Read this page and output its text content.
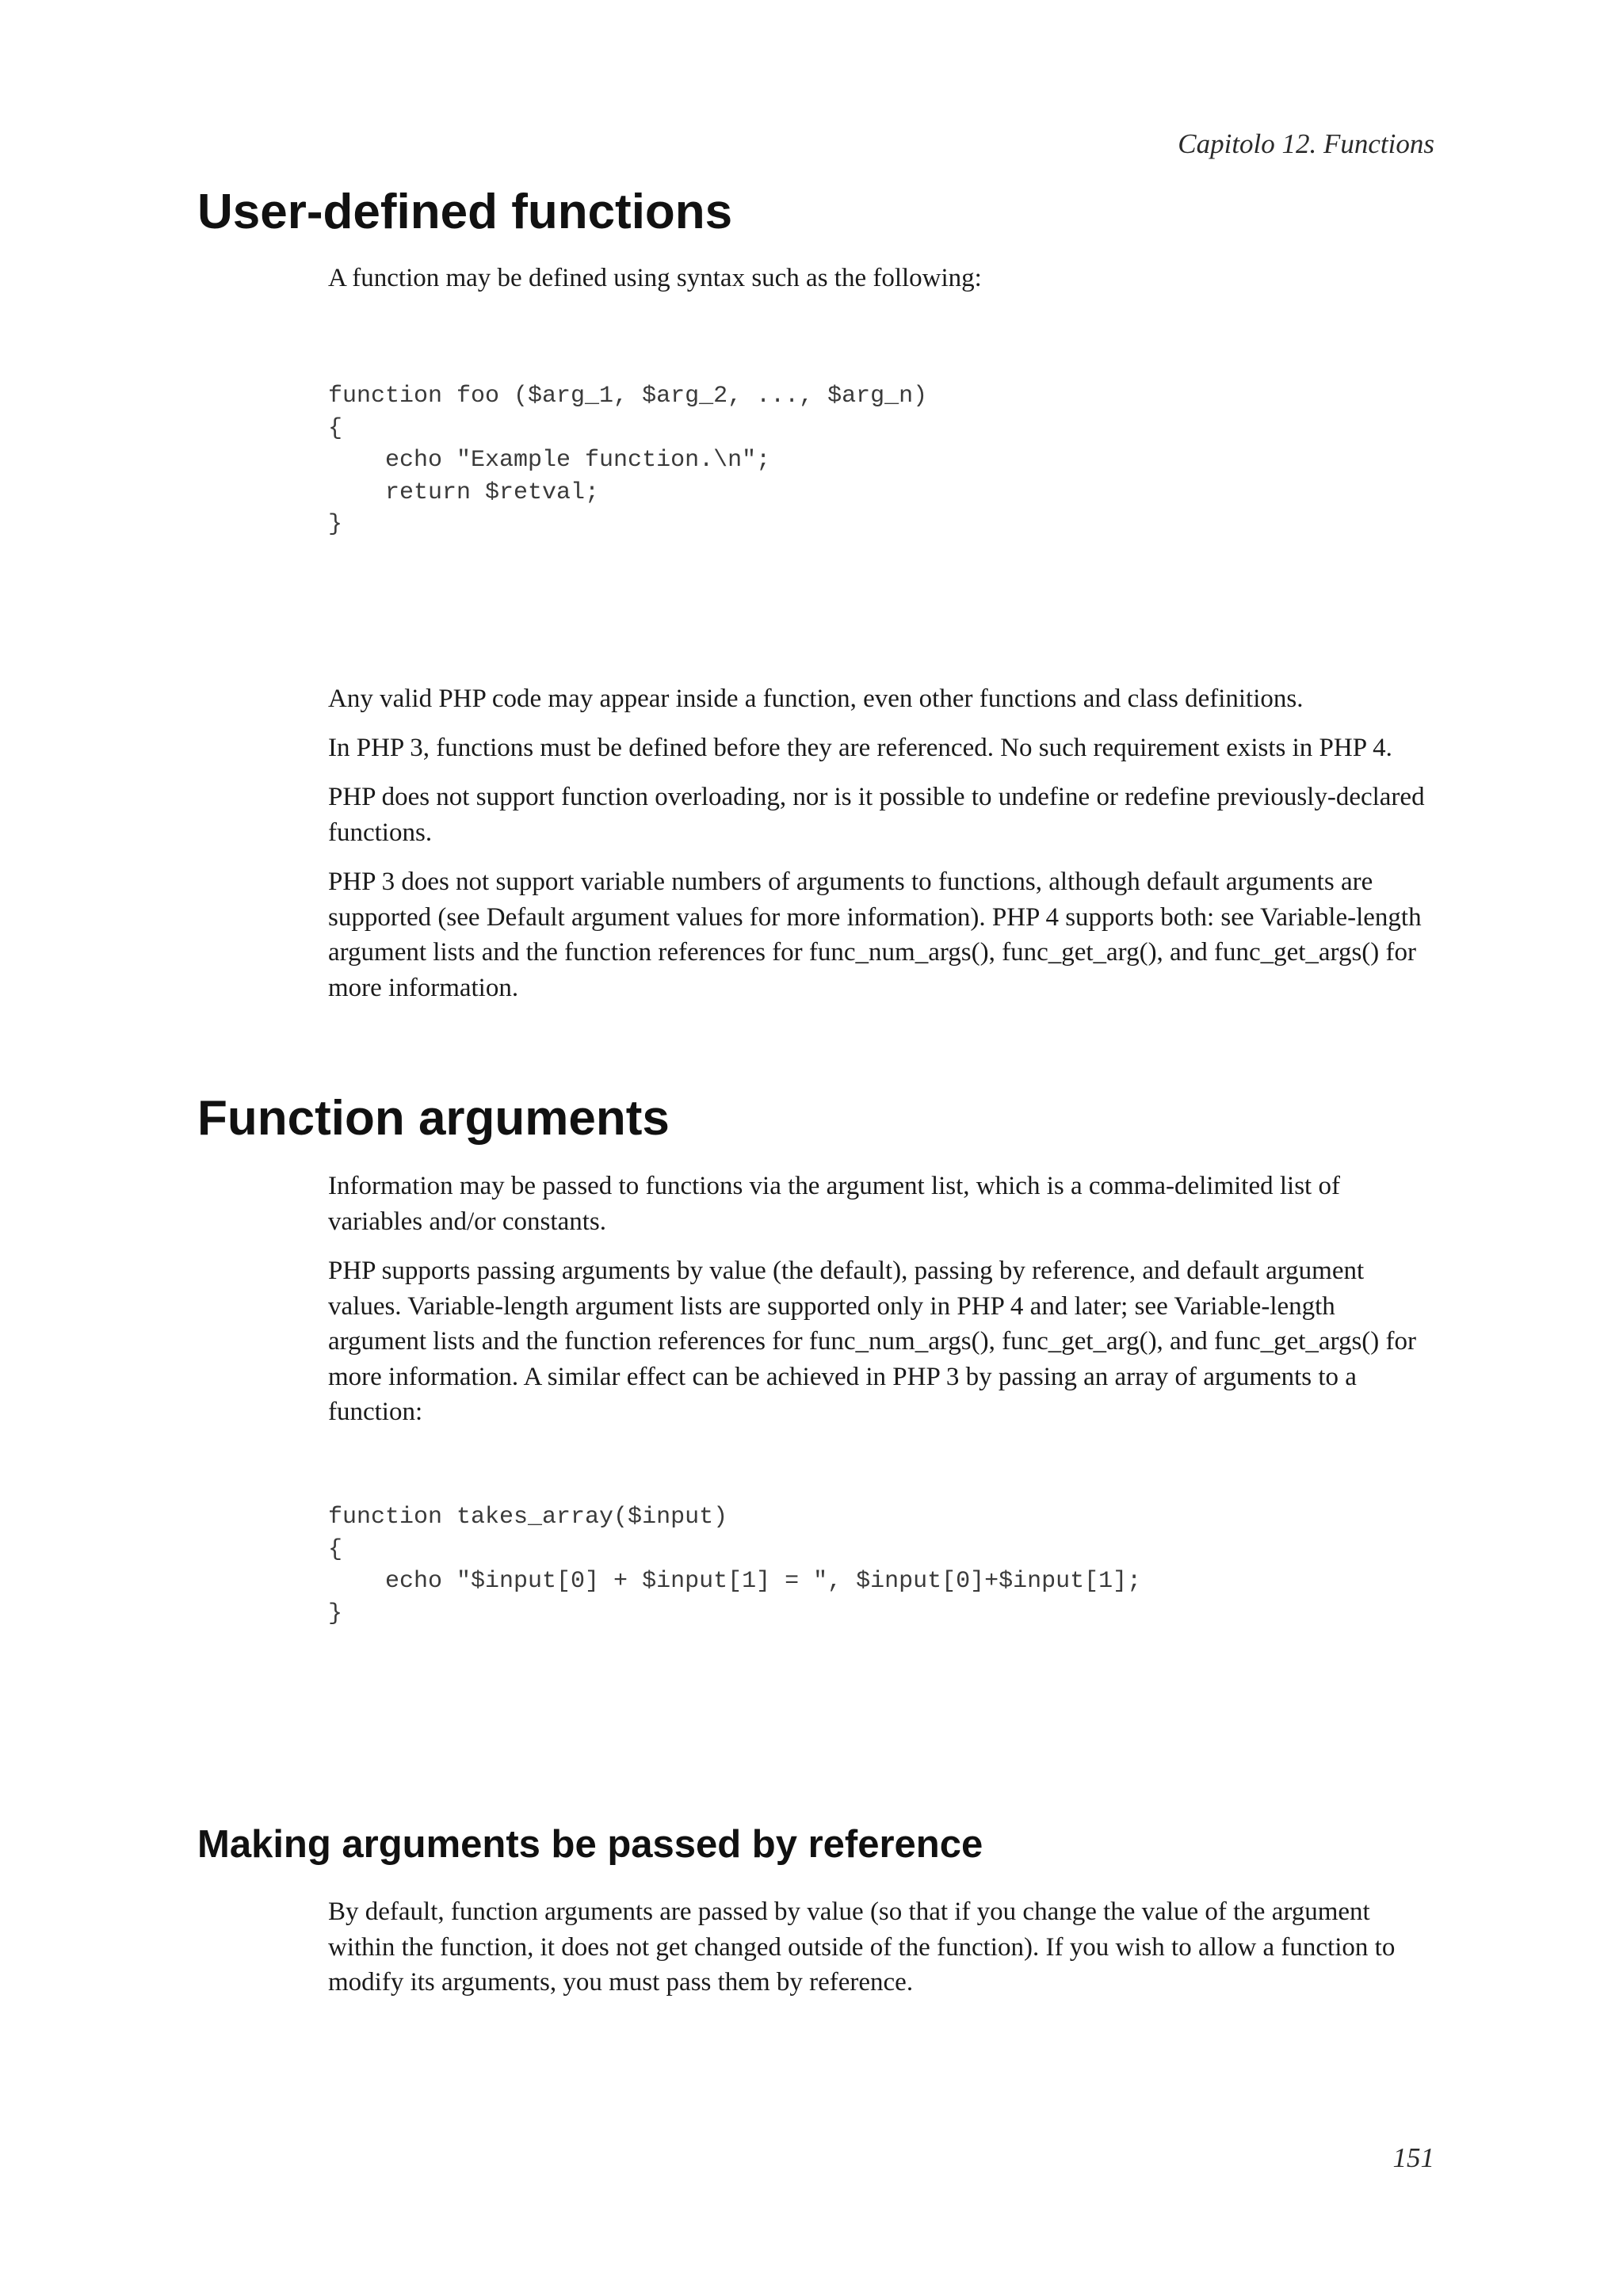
Capitolo 12. Functions
User-defined functions

A function may be defined using syntax such as the following:

function foo ($arg_1, $arg_2, ..., $arg_n)
{
echo "Example function.\n";
return $retval;
}

Any valid PHP code may appear inside a function, even other functions and class definitions.

In PHP 3, functions must be defined before they are referenced. No such requirement exists in PHP 4.

PHP does not support function overloading, nor is it possible to undefine or redefine previously-declared functions.

PHP 3 does not support variable numbers of arguments to functions, although default arguments are supported (see Default argument values for more information). PHP 4 supports both: see Variable-length argument lists and the function references for func_num_args(), func_get_arg(), and func_get_args() for more information.

Function arguments

Information may be passed to functions via the argument list, which is a comma-delimited list of variables and/or constants.

PHP supports passing arguments by value (the default), passing by reference, and default argument values. Variable-length argument lists are supported only in PHP 4 and later; see Variable-length argument lists and the function references for func_num_args(), func_get_arg(), and func_get_args() for more information. A similar effect can be achieved in PHP 3 by passing an array of arguments to a function:

function takes_array($input)
{
echo "$input[0] + $input[1] = ", $input[0]+$input[1];
}
Making arguments be passed by reference

By default, function arguments are passed by value (so that if you change the value of the argument within the function, it does not get changed outside of the function). If you wish to allow a function to modify its arguments, you must pass them by reference.

151
